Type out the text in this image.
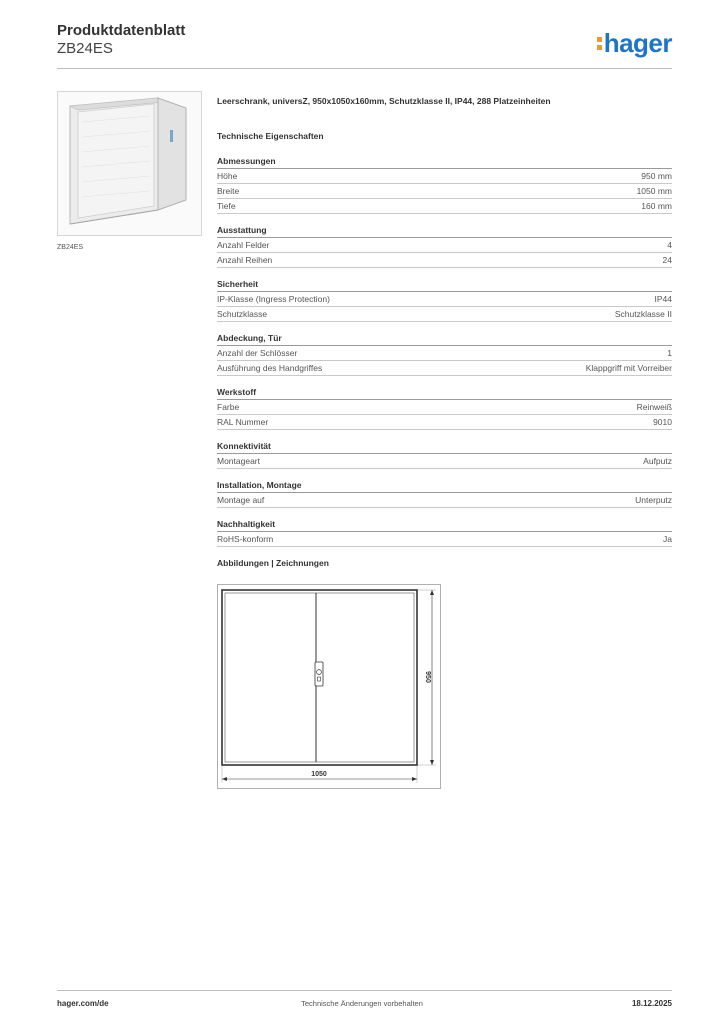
Produktdatenblatt
ZB24ES	hager
ZB24ES
Leerschrank, universZ, 950x1050x160mm, Schutzklasse II, IP44, 288 Platzeinheiten
Technische Eigenschaften
Abmessungen
Höhe	950 mm
Breite	1050 mm
Tiefe	160 mm
Ausstattung
Anzahl Felder	4
Anzahl Reihen	24
Sicherheit
IP-Klasse (Ingress Protection)	IP44
Schutzklasse	Schutzklasse II
Abdeckung, Tür
Anzahl der Schlösser	1
Ausführung des Handgriffes	Klappgriff mit Vorreiber
Werkstoff
Farbe	Reinweiß
RAL Nummer	9010
Konnektivität
Montageart	Aufputz
Installation, Montage
Montage auf	Unterputz
Nachhaltigkeit
RoHS-konform	Ja
Abbildungen | Zeichnungen
950
1050
hager.com/de	Technische Änderungen vorbehalten	18.12.2025
